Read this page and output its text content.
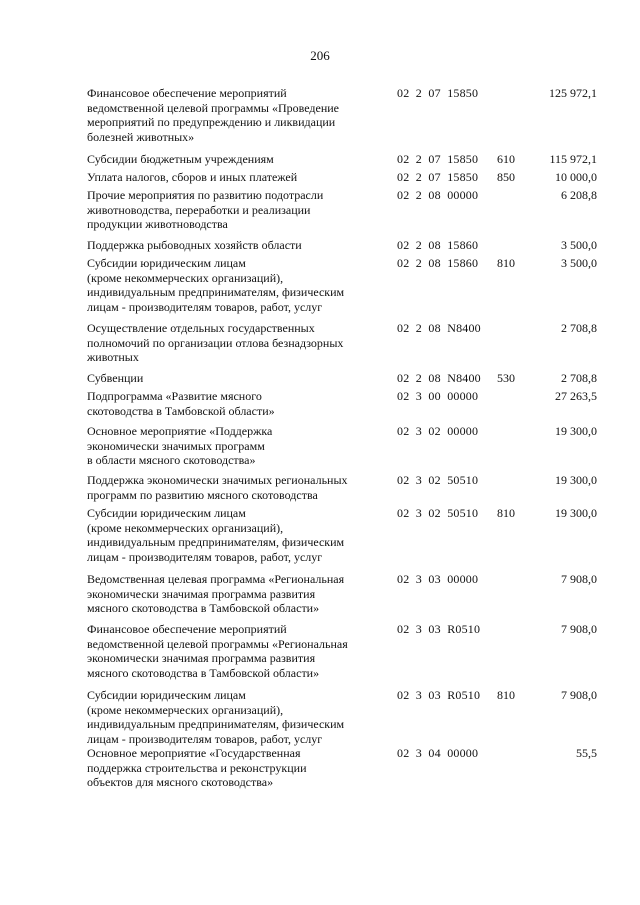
206
Финансовое обеспечение мероприятий
ведомственной целевой программы «Проведение
мероприятий по предупреждению и ликвидации
болезней животных»
02  2  07  15850	125 972,1
Субсидии бюджетным учреждениям	02  2  07  15850 610	115 972,1
Уплата налогов, сборов и иных платежей	02  2  07  15850 850	10 000,0
Прочие мероприятия по развитию подотрасли
животноводства, переработки и реализации
продукции животноводства
02  2  08  00000	6 208,8
Поддержка рыбоводных хозяйств области	02  2  08  15860	3 500,0
Субсидии юридическим лицам
(кроме некоммерческих организаций),
индивидуальным предпринимателям, физическим
лицам - производителям товаров, работ, услуг
02  2  08  15860 810	3 500,0
Осуществление отдельных государственных
полномочий по организации отлова безнадзорных
животных
02  2  08  N8400	2 708,8
Субвенции	02  2  08  N8400 530	2 708,8
Подпрограмма «Развитие мясного
скотоводства в Тамбовской области»
02  3  00  00000	27 263,5
Основное мероприятие «Поддержка
экономически значимых программ
в области мясного скотоводства»
02  3  02  00000	19 300,0
Поддержка экономически значимых региональных
программ по развитию мясного скотоводства
02  3  02  50510	19 300,0
Субсидии юридическим лицам
(кроме некоммерческих организаций),
индивидуальным предпринимателям, физическим
лицам - производителям товаров, работ, услуг
02  3  02  50510 810	19 300,0
Ведомственная целевая программа «Региональная
экономически значимая программа развития
мясного скотоводства в Тамбовской области»
02  3  03  00000	7 908,0
Финансовое обеспечение мероприятий
ведомственной целевой программы «Региональная
экономически значимая программа развития
мясного скотоводства в Тамбовской области»
02  3  03  R0510	7 908,0
Субсидии юридическим лицам
(кроме некоммерческих организаций),
индивидуальным предпринимателям, физическим
лицам - производителям товаров, работ, услуг
02  3  03  R0510 810	7 908,0
Основное мероприятие «Государственная
поддержка строительства и реконструкции
объектов для мясного скотоводства»
02  3  04  00000	55,5
